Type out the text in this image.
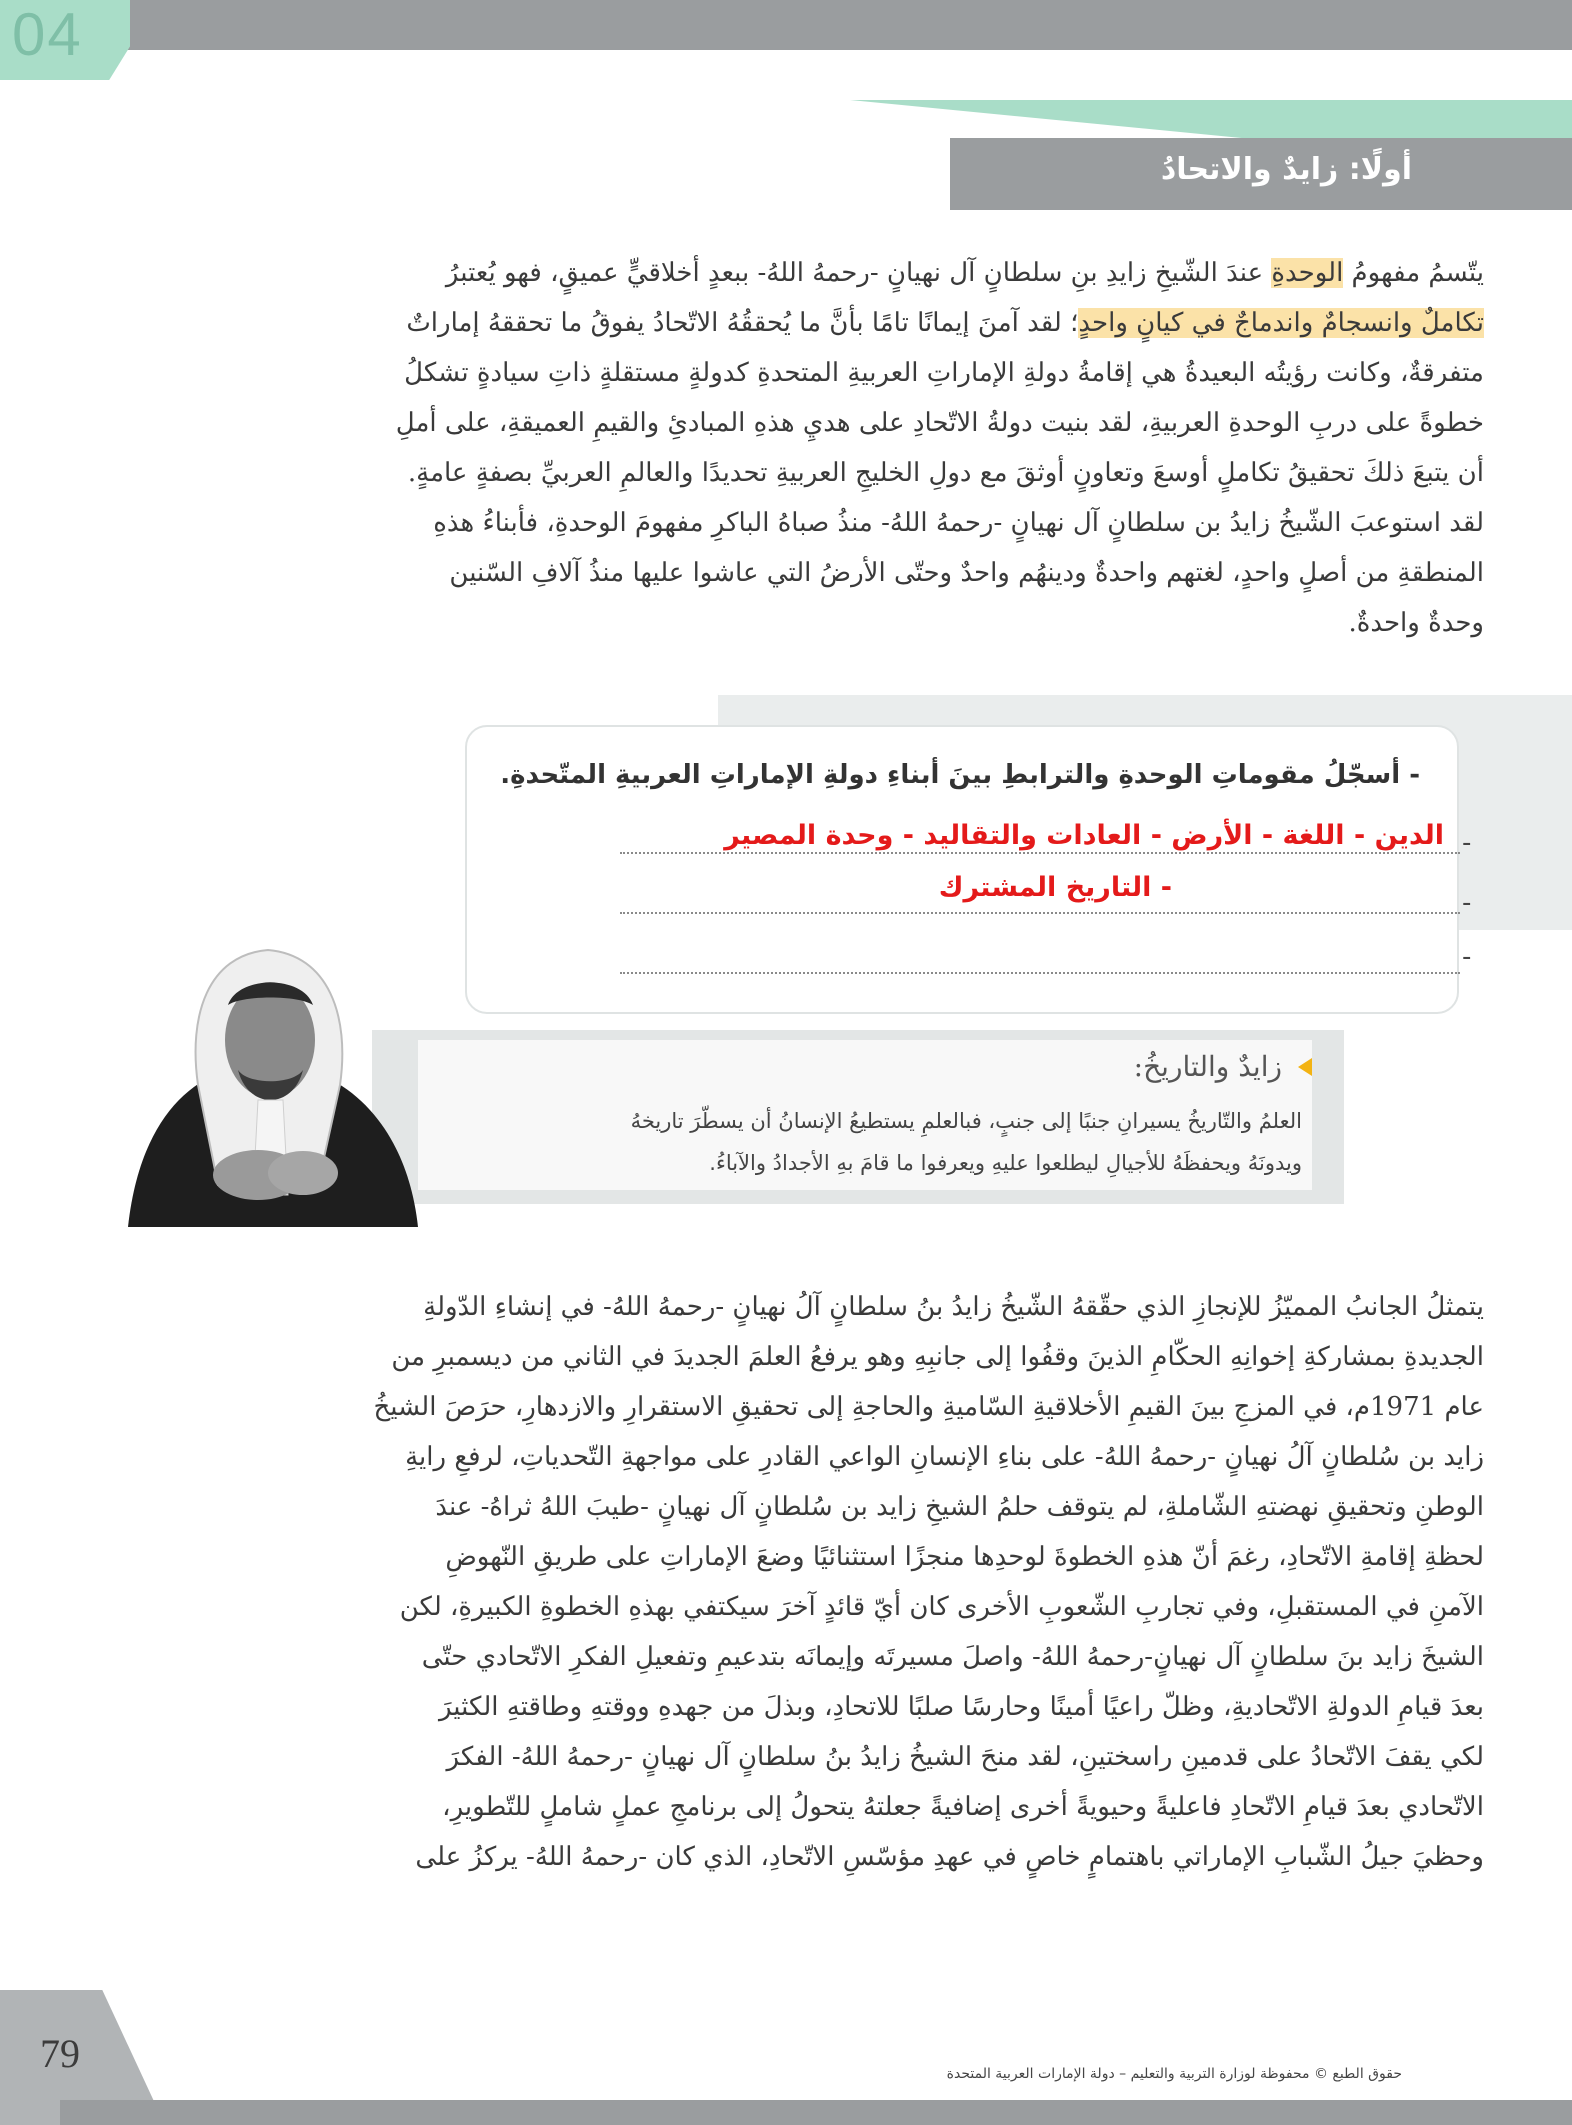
04
أولًا: زايدٌ والاتحادُ

يتّسمُ مفهومُ الوحدةِ عندَ الشّيخِ زايدِ بنِ سلطانٍ آل نهيانٍ -رحمهُ اللهُ- ببعدٍ أخلاقيٍّ عميقٍ، فهو يُعتبرُ

تكاملٌ وانسجامٌ واندماجٌ في كيانٍ واحدٍ؛ لقد آمنَ إيمانًا تامًا بأنَّ ما يُحققُهُ الاتّحادُ يفوقُ ما تحققهُ إماراتٌ

متفرقةٌ، وكانت رؤيتُه البعيدةُ هي إقامةُ دولةِ الإماراتِ العربيةِ المتحدةِ كدولةٍ مستقلةٍ ذاتِ سيادةٍ تشكلُ

خطوةً على دربِ الوحدةِ العربيةِ، لقد بنيت دولةُ الاتّحادِ على هديِ هذهِ المبادئِ والقيمِ العميقةِ، على أملِ

أن يتبعَ ذلكَ تحقيقُ تكاملٍ أوسعَ وتعاونٍ أوثقَ مع دولِ الخليجِ العربيةِ تحديدًا والعالمِ العربيِّ بصفةٍ عامةٍ.

لقد استوعبَ الشّيخُ زايدُ بن سلطانٍ آل نهيانٍ -رحمهُ اللهُ- منذُ صباهُ الباكرِ مفهومَ الوحدةِ، فأبناءُ هذهِ

المنطقةِ من أصلٍ واحدٍ، لغتهم واحدةٌ ودينهُم واحدٌ وحتّى الأرضُ التي عاشوا عليها منذُ آلافِ السّنين

وحدةٌ واحدةٌ.

- أسجّلُ مقوماتِ الوحدةِ والترابطِ بينَ أبناءِ دولةِ الإماراتِ العربيةِ المتّحدةِ.
-
-
-
الدين - اللغة - الأرض - العادات والتقاليد - وحدة المصير
- التاريخ المشترك
زايدٌ والتاريخُ:

العلمُ والتّاريخُ يسيرانِ جنبًا إلى جنبٍ، فبالعلمِ يستطيعُ الإنسانُ أن يسطّرَ تاريخهُ

ويدونَهُ ويحفظَهُ للأجيالِ ليطلعوا عليهِ ويعرفوا ما قامَ بهِ الأجدادُ والآباءُ.

يتمثلُ الجانبُ المميّزُ للإنجازِ الذي حقّقهُ الشّيخُ زايدُ بنُ سلطانٍ آلُ نهيانٍ -رحمهُ اللهُ- في إنشاءِ الدّولةِ

الجديدةِ بمشاركةِ إخوانِهِ الحكّامِ الذينَ وقفُوا إلى جانبِهِ وهو يرفعُ العلمَ الجديدَ في الثاني من ديسمبرِ من

عام 1971م، في المزجِ بينَ القيمِ الأخلاقيةِ السّاميةِ والحاجةِ إلى تحقيقِ الاستقرارِ والازدهارِ، حرَصَ الشيخُ

زايد بن سُلطانٍ آلُ نهيانٍ -رحمهُ اللهُ- على بناءِ الإنسانِ الواعي القادرِ على مواجهةِ التّحدياتِ، لرفعِ رايةِ

الوطنِ وتحقيقِ نهضتهِ الشّاملةِ، لم يتوقف حلمُ الشيخِ زايد بن سُلطانٍ آل نهيانٍ -طيبَ اللهُ ثراهُ- عندَ

لحظةِ إقامةِ الاتّحادِ، رغمَ أنّ هذهِ الخطوةَ لوحدِها منجزًا استثنائيًا وضعَ الإماراتِ على طريقِ النّهوضِ

الآمنِ في المستقبلِ، وفي تجاربِ الشّعوبِ الأخرى كان أيّ قائدٍ آخرَ سيكتفي بهذهِ الخطوةِ الكبيرةِ، لكن

الشيخَ زايد بنَ سلطانٍ آل نهيانٍ-رحمهُ اللهُ- واصلَ مسيرتَه وإيمانَه بتدعيمِ وتفعيلِ الفكرِ الاتّحادي حتّى

بعدَ قيامِ الدولةِ الاتّحاديةِ، وظلّ راعيًا أمينًا وحارسًا صلبًا للاتحادِ، وبذلَ من جهدهِ ووقتهِ وطاقتهِ الكثيرَ

لكي يقفَ الاتّحادُ على قدمينِ راسختينِ، لقد منحَ الشيخُ زايدُ بنُ سلطانٍ آل نهيانٍ -رحمهُ اللهُ- الفكرَ

الاتّحادي بعدَ قيامِ الاتّحادِ فاعليةً وحيويةً أخرى إضافيةً جعلتهُ يتحولُ إلى برنامجِ عملٍ شاملٍ للتّطويرِ،

وحظيَ جيلُ الشّبابِ الإماراتي باهتمامٍ خاصٍ في عهدِ مؤسّسِ الاتّحادِ، الذي كان -رحمهُ اللهُ- يركزُ على

79	حقوق الطبع © محفوظة لوزارة التربية والتعليم – دولة الإمارات العربية المتحدة
